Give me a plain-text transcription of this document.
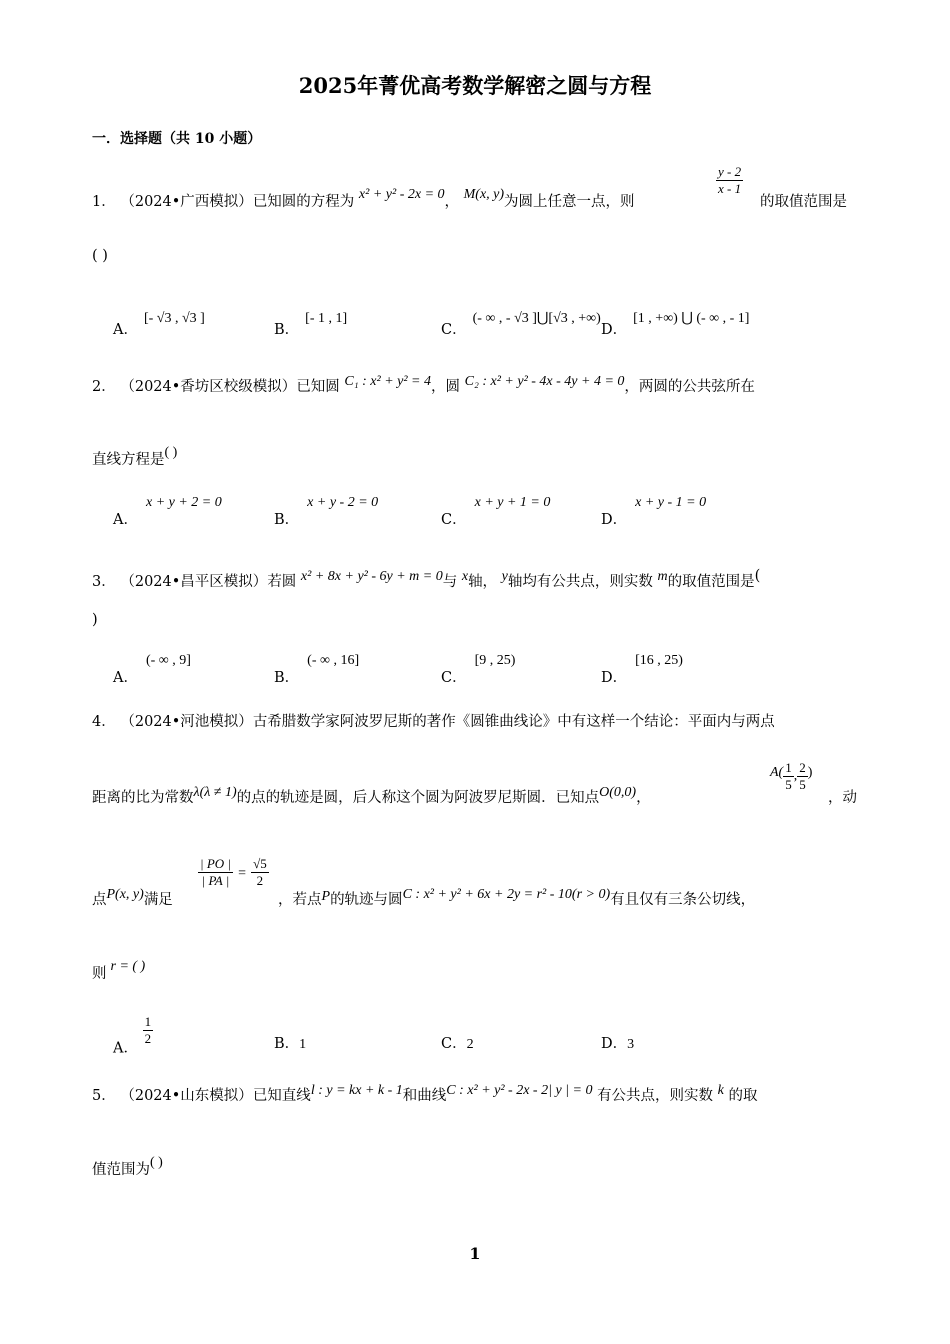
2025年菁优高考数学解密之圆与方程
一．选择题（共 10 小题）
1． （2024•广西模拟）已知圆的方程为 x² + y² - 2x = 0， M(x, y)为圆上任意一点，则
$\frac{y - 2}{x - 1}$
的取值范围是
( )
A．[- √3 , √3 ]
B．[- 1 , 1]
C．(- ∞ , - √3 ]⋃[√3 , +∞)
D．[1 , +∞) ⋃ (- ∞ , - 1]
2． （2024•香坊区校级模拟）已知圆 C₁ : x² + y² = 4，圆 C₂ : x² + y² - 4x - 4y + 4 = 0，两圆的公共弦所在
直线方程是( )
A．x + y + 2 = 0
B．x + y - 2 = 0
C．x + y + 1 = 0
D．x + y - 1 = 0
3． （2024•昌平区模拟）若圆 x² + 8x + y² - 6y + m = 0与 x轴， y轴均有公共点，则实数 m的取值范围是(
)
A．(- ∞ , 9]
B．(- ∞ , 16]
C．[9 , 25)
D．[16 , 25)
4． （2024•河池模拟）古希腊数学家阿波罗尼斯的著作《圆锥曲线论》中有这样一个结论：平面内与两点
距离的比为常数λ(λ ≠ 1)的点的轨迹是圆，后人称这个圆为阿波罗尼斯圆．已知点O(0,0)，
$A( \frac{1}{5}$ , $\frac{2}{5}$ )
，动
点P(x, y)满足
$\frac{| PO |}{| PA |} = \frac{√5}{2}$
，若点P的轨迹与圆C : x² + y² + 6x + 2y = r² - 10(r > 0)有且仅有三条公切线，
则 r = ( )
A．
$\frac{1}{2}$	B．1	C．2	D．3
5． （2024•山东模拟）已知直线l : y = kx + k - 1和曲线C : x² + y² - 2x - 2| y | = 0 有公共点，则实数 k 的取
值范围为( )
1
